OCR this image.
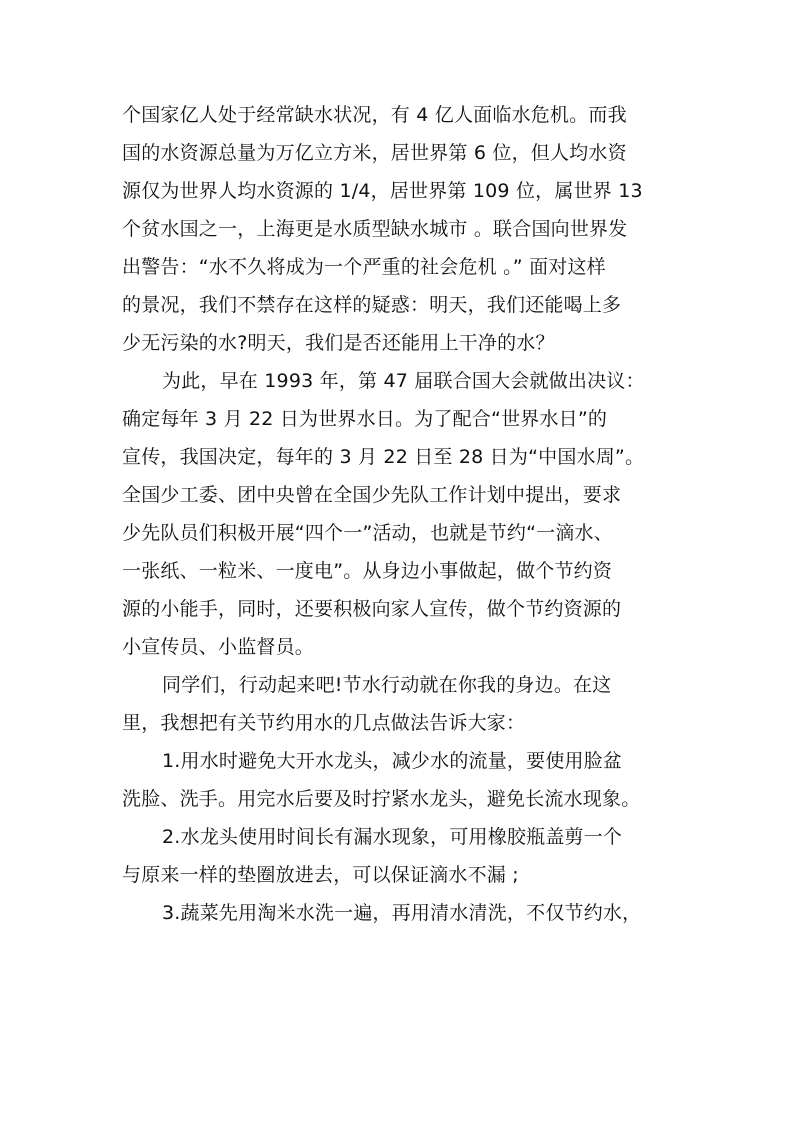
个国家亿人处于经常缺水状况，有 4 亿人面临水危机。而我
国的水资源总量为万亿立方米，居世界第 6 位，但人均水资
源仅为世界人均水资源的 1/4，居世界第 109 位，属世界 13
个贫水国之一，上海更是水质型缺水城市 。联合国向世界发
出警告：“水不久将成为一个严重的社会危机 。” 面对这样
的景况，我们不禁存在这样的疑惑：明天，我们还能喝上多
少无污染的水?明天，我们是否还能用上干净的水？
为此，早在 1993 年，第 47 届联合国大会就做出决议：
确定每年 3 月 22 日为世界水日。为了配合“世界水日”的
宣传，我国决定，每年的 3 月 22 日至 28 日为“中国水周”。
全国少工委、团中央曾在全国少先队工作计划中提出，要求
少先队员们积极开展“四个一”活动，也就是节约“一滴水、
一张纸、一粒米、一度电”。从身边小事做起，做个节约资
源的小能手，同时，还要积极向家人宣传，做个节约资源的
小宣传员、小监督员。
同学们，行动起来吧!节水行动就在你我的身边。在这
里，我想把有关节约用水的几点做法告诉大家：
1.用水时避免大开水龙头，减少水的流量，要使用脸盆
洗脸、洗手。用完水后要及时拧紧水龙头，避免长流水现象。
2.水龙头使用时间长有漏水现象，可用橡胶瓶盖剪一个
与原来一样的垫圈放进去，可以保证滴水不漏 ;
3.蔬菜先用淘米水洗一遍，再用清水清洗，不仅节约水，
